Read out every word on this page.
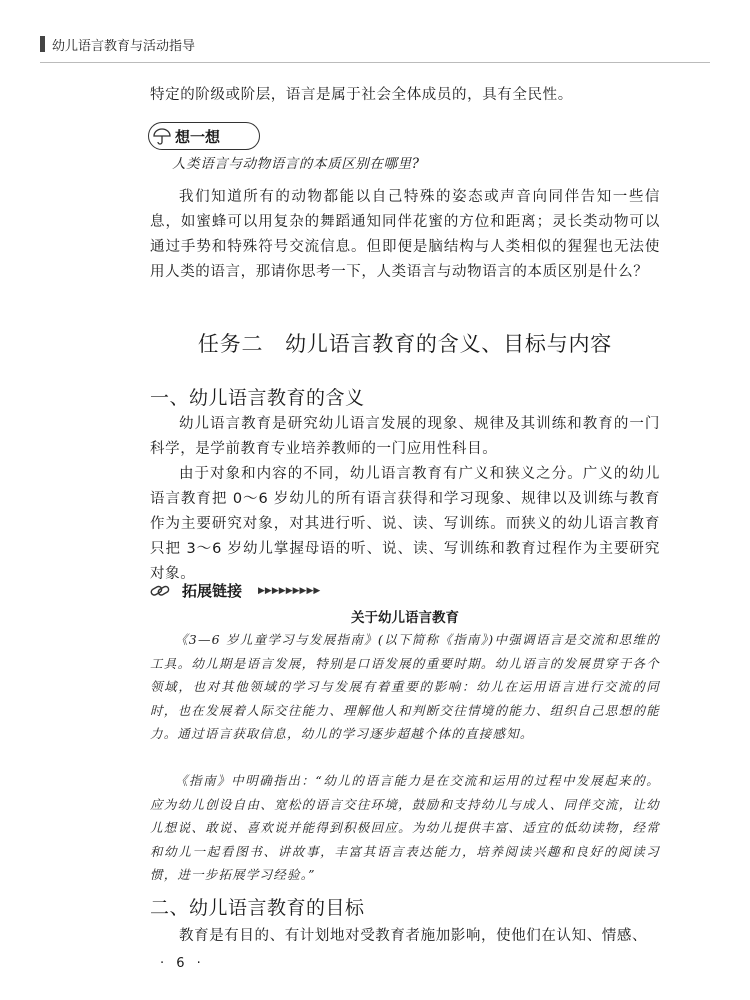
幼儿语言教育与活动指导

特定的阶级或阶层，语言是属于社会全体成员的，具有全民性。

想一想

人类语言与动物语言的本质区别在哪里?

我们知道所有的动物都能以自己特殊的姿态或声音向同伴告知一些信息，如蜜蜂可以用复杂的舞蹈通知同伴花蜜的方位和距离；灵长类动物可以通过手势和特殊符号交流信息。但即便是脑结构与人类相似的猩猩也无法使用人类的语言，那请你思考一下，人类语言与动物语言的本质区别是什么？

任务二　幼儿语言教育的含义、目标与内容
一、幼儿语言教育的含义

幼儿语言教育是研究幼儿语言发展的现象、规律及其训练和教育的一门科学，是学前教育专业培养教师的一门应用性科目。

由于对象和内容的不同，幼儿语言教育有广义和狭义之分。广义的幼儿语言教育把 0～6 岁幼儿的所有语言获得和学习现象、规律以及训练与教育作为主要研究对象，对其进行听、说、读、写训练。而狭义的幼儿语言教育只把 3～6 岁幼儿掌握母语的听、说、读、写训练和教育过程作为主要研究对象。

拓展链接 ▶▶▶▶▶▶▶▶▶
关于幼儿语言教育

《3—6 岁儿童学习与发展指南》(以下简称《指南》)中强调语言是交流和思维的工具。幼儿期是语言发展，特别是口语发展的重要时期。幼儿语言的发展贯穿于各个领域，也对其他领域的学习与发展有着重要的影响：幼儿在运用语言进行交流的同时，也在发展着人际交往能力、理解他人和判断交往情境的能力、组织自己思想的能力。通过语言获取信息，幼儿的学习逐步超越个体的直接感知。

《指南》中明确指出：“幼儿的语言能力是在交流和运用的过程中发展起来的。应为幼儿创设自由、宽松的语言交往环境，鼓励和支持幼儿与成人、同伴交流，让幼儿想说、敢说、喜欢说并能得到积极回应。为幼儿提供丰富、适宜的低幼读物，经常和幼儿一起看图书、讲故事，丰富其语言表达能力，培养阅读兴趣和良好的阅读习惯，进一步拓展学习经验。”

二、幼儿语言教育的目标

教育是有目的、有计划地对受教育者施加影响，使他们在认知、情感、

· 6 ·
